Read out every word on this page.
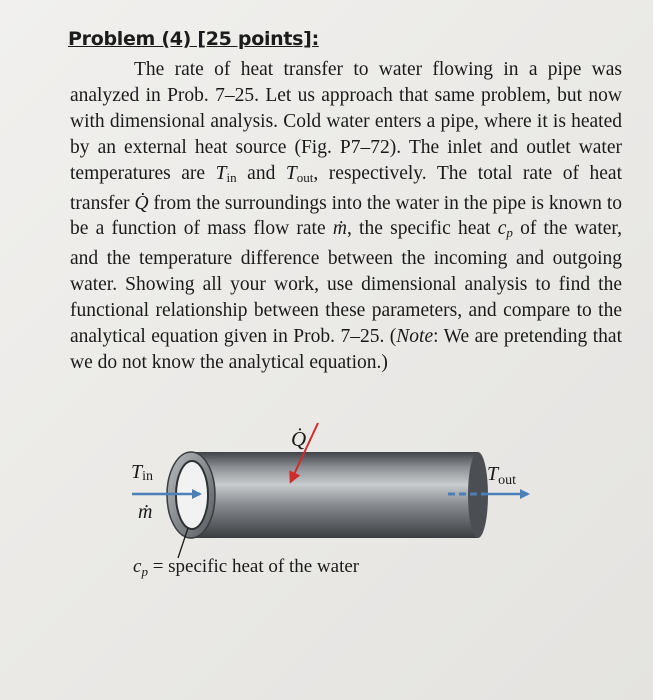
Problem (4) [25 points]:

The rate of heat transfer to water flowing in a pipe was analyzed in Prob. 7–25. Let us approach that same problem, but now with dimensional analysis. Cold water enters a pipe, where it is heated by an external heat source (Fig. P7–72). The inlet and outlet water temperatures are $T_{in}$ and $T_{out}$, respectively. The total rate of heat transfer Q̇ from the surroundings into the water in the pipe is known to be a function of mass flow rate ṁ, the specific heat $c_p$ of the water, and the temperature difference between the incoming and outgoing water. Showing all your work, use dimensional analysis to find the functional relationship between these parameters, and compare to the analytical equation given in Prob. 7–25. (Note: We are pretending that we do not know the analytical equation.)

Q̇
Tin
ṁ
$T_{out}$
$c_p$ = specific heat of the water
